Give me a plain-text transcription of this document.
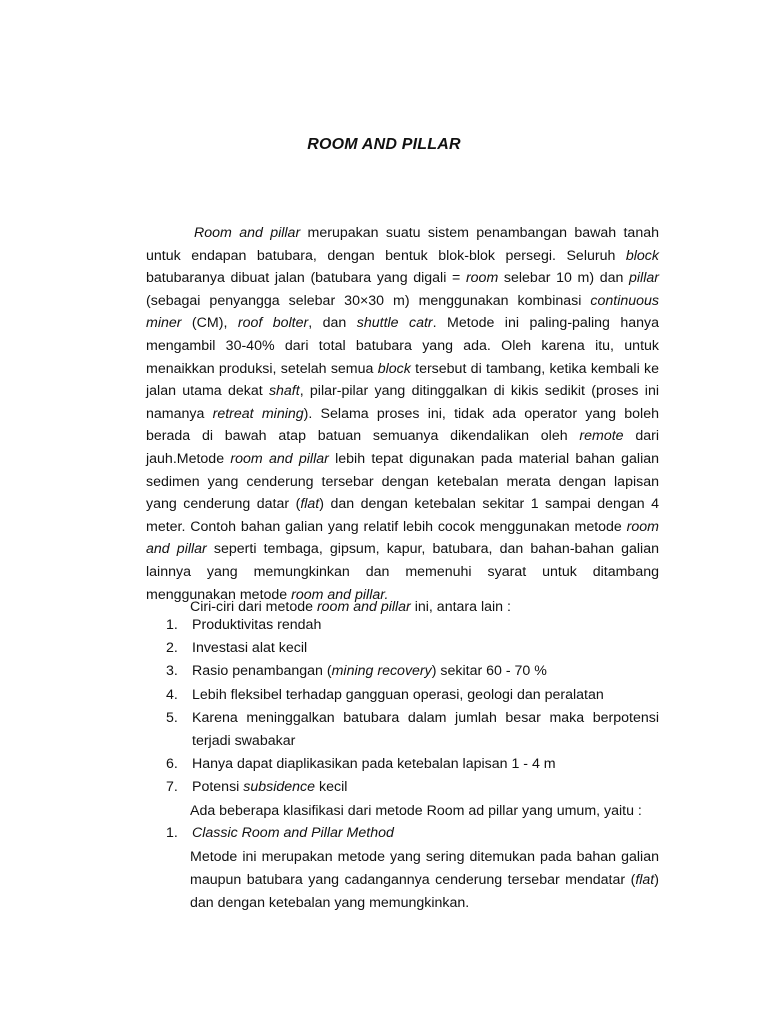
ROOM AND PILLAR

Room and pillar merupakan suatu sistem penambangan bawah tanah untuk endapan batubara, dengan bentuk blok-blok persegi. Seluruh block batubaranya dibuat jalan (batubara yang digali = room selebar 10 m) dan pillar (sebagai penyangga selebar 30×30 m) menggunakan kombinasi continuous miner (CM), roof bolter, dan shuttle catr. Metode ini paling-paling hanya mengambil 30-40% dari total batubara yang ada. Oleh karena itu, untuk menaikkan produksi, setelah semua block tersebut di tambang, ketika kembali ke jalan utama dekat shaft, pilar-pilar yang ditinggalkan di kikis sedikit (proses ini namanya retreat mining). Selama proses ini, tidak ada operator yang boleh berada di bawah atap batuan semuanya dikendalikan oleh remote dari jauh.Metode room and pillar lebih tepat digunakan pada material bahan galian sedimen yang cenderung tersebar dengan ketebalan merata dengan lapisan yang cenderung datar (flat) dan dengan ketebalan sekitar 1 sampai dengan 4 meter. Contoh bahan galian yang relatif lebih cocok menggunakan metode room and pillar seperti tembaga, gipsum, kapur, batubara, dan bahan-bahan galian lainnya yang memungkinkan dan memenuhi syarat untuk ditambang menggunakan metode room and pillar.

Ciri-ciri dari metode room and pillar ini, antara lain :
1. Produktivitas rendah
2. Investasi alat kecil
3. Rasio penambangan (mining recovery) sekitar 60 - 70 %
4. Lebih fleksibel terhadap gangguan operasi, geologi dan peralatan
5. Karena meninggalkan batubara dalam jumlah besar maka berpotensi terjadi swabakar
6. Hanya dapat diaplikasikan pada ketebalan lapisan 1 - 4 m
7. Potensi subsidence kecil
Ada beberapa klasifikasi dari metode Room ad pillar yang umum, yaitu :
1. Classic Room and Pillar Method
Metode ini merupakan metode yang sering ditemukan pada bahan galian maupun batubara yang cadangannya cenderung tersebar mendatar (flat) dan dengan ketebalan yang memungkinkan.
